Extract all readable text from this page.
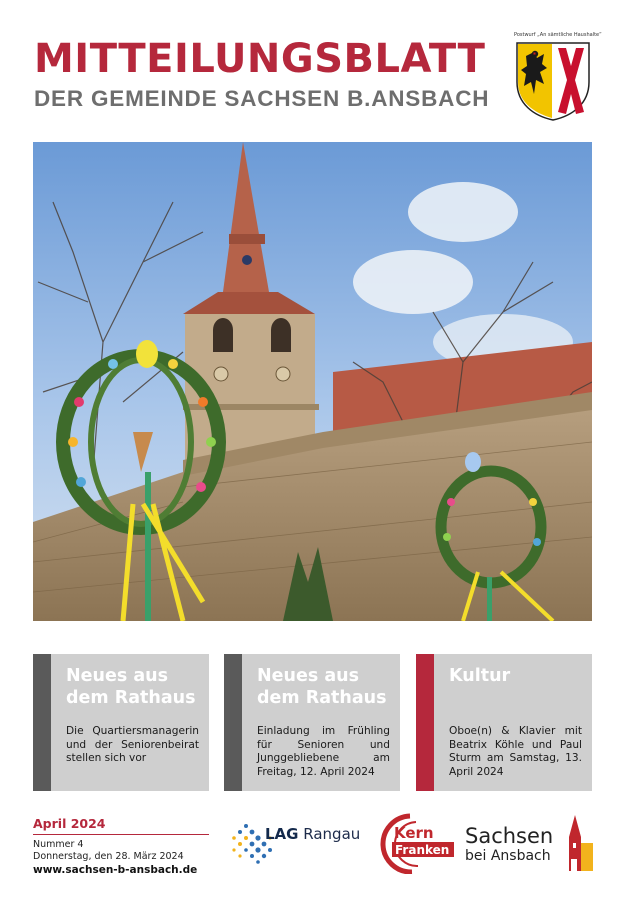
MITTEILUNGSBLATT
DER GEMEINDE SACHSEN B.ANSBACH
Postwurf „An sämtliche Haushalte“
Neues aus dem Rathaus

Die Quartiersmanagerin und der Seniorenbeirat stellen sich vor

Neues aus dem Rathaus

Einladung im Frühling für Senioren und Junggebliebene am Freitag, 12. April 2024

Kultur

Oboe(n) & Klavier mit Beatrix Köhle und Paul Sturm am Samstag, 13. April 2024

April 2024
Nummer 4
Donnerstag, den 28. März 2024
www.sachsen-b-ansbach.de
LAG Rangau Kern
Franken
Sachsen
bei Ansbach
